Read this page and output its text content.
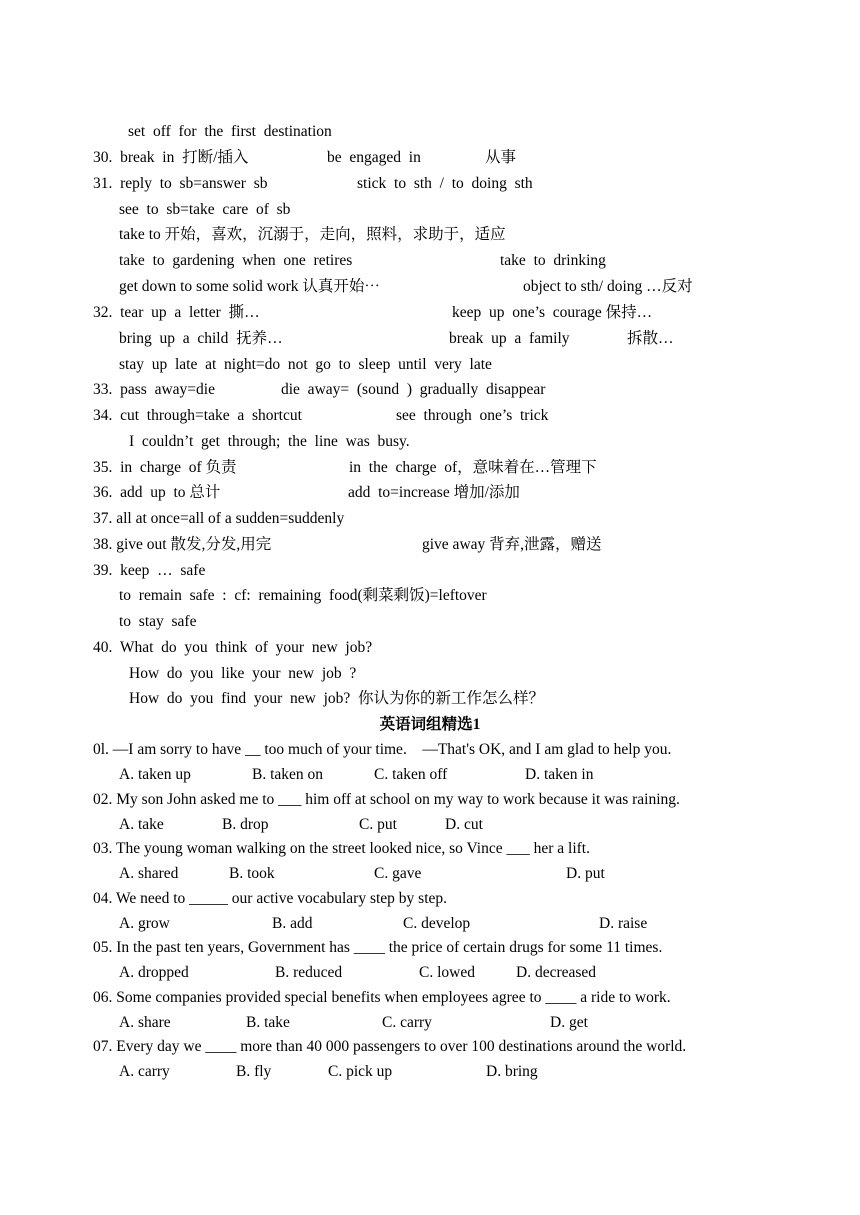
set  off  for  the  first  destination
30.  break  in  打断/插入	be  engaged  in	从事
31.  reply  to  sb=answer  sb	stick  to  sth  /  to  doing  sth
see  to  sb=take  care  of  sb
take to 开始，喜欢，沉溺于，走向，照料，求助于，适应
take  to  gardening  when  one  retires	take  to  drinking
get down to some solid work 认真开始⋯	object to sth/ doing …反对
32.  tear  up  a  letter  撕…	keep  up  one’s  courage 保持…
bring  up  a  child  抚养…	break  up  a  family	拆散…
stay  up  late  at  night=do  not  go  to  sleep  until  very  late
33.  pass  away=die	die  away=  (sound  )  gradually  disappear
34.  cut  through=take  a  shortcut	see  through  one’s  trick
I  couldn’t  get  through;  the  line  was  busy.
35.  in  charge  of 负责	in  the  charge  of，意味着在…管理下
36.  add  up  to 总计	add  to=increase 增加/添加
37. all at once=all of a sudden=suddenly
38. give out 散发,分发,用完	give away 背弃,泄露，赠送
39.  keep  …  safe
to  remain  safe  :  cf:  remaining  food(剩菜剩饭)=leftover
to  stay  safe
40.  What  do  you  think  of  your  new  job?
How  do  you  like  your  new  job  ?
How  do  you  find  your  new  job?  你认为你的新工作怎么样？
英语词组精选1
0l. —I am sorry to have __ too much of your time.    —That's OK, and I am glad to help you.
A. taken up	B. taken on	C. taken off	D. taken in
02. My son John asked me to ___ him off at school on my way to work because it was raining.
A. take	B. drop	C. put	D. cut
03. The young woman walking on the street looked nice, so Vince ___ her a lift.
A. shared	B. took	C. gave	D. put
04. We need to _____ our active vocabulary step by step.
A. grow	B. add	C. develop	D. raise
05. In the past ten years, Government has ____ the price of certain drugs for some 11 times.
A. dropped	B. reduced	C. lowed	D. decreased
06. Some companies provided special benefits when employees agree to ____ a ride to work.
A. share	B. take	C. carry	D. get
07. Every day we ____ more than 40 000 passengers to over 100 destinations around the world.
A. carry	B. fly	C. pick up	D. bring
